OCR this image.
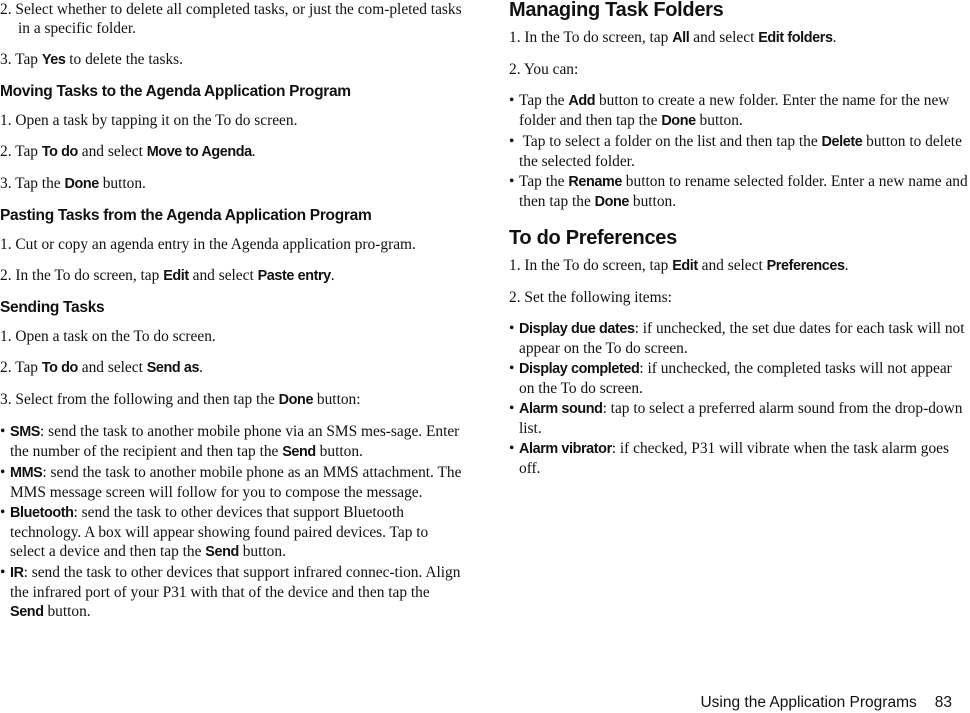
2. Select whether to delete all completed tasks, or just the com-pleted tasks in a specific folder.

3. Tap Yes to delete the tasks.

Moving Tasks to the Agenda Application Program

1. Open a task by tapping it on the To do screen.

2. Tap To do and select Move to Agenda.

3. Tap the Done button.

Pasting Tasks from the Agenda Application Program

1. Cut or copy an agenda entry in the Agenda application pro-gram.

2. In the To do screen, tap Edit and select Paste entry.

Sending Tasks

1. Open a task on the To do screen.

2. Tap To do and select Send as.

3. Select from the following and then tap the Done button:

• SMS: send the task to another mobile phone via an SMS mes-sage. Enter the number of the recipient and then tap the Send button.

• MMS: send the task to another mobile phone as an MMS attachment. The MMS message screen will follow for you to compose the message.

• Bluetooth: send the task to other devices that support Bluetooth technology. A box will appear showing found paired devices. Tap to select a device and then tap the Send button.

• IR: send the task to other devices that support infrared connec-tion. Align the infrared port of your P31 with that of the device and then tap the Send button.

Managing Task Folders

1. In the To do screen, tap All and select Edit folders.

2. You can:

• Tap the Add button to create a new folder. Enter the name for the new folder and then tap the Done button.

• Tap to select a folder on the list and then tap the Delete button to delete the selected folder.

• Tap the Rename button to rename selected folder. Enter a new name and then tap the Done button.

To do Preferences

1. In the To do screen, tap Edit and select Preferences.

2. Set the following items:

• Display due dates: if unchecked, the set due dates for each task will not appear on the To do screen.

• Display completed: if unchecked, the completed tasks will not appear on the To do screen.

• Alarm sound: tap to select a preferred alarm sound from the drop-down list.

• Alarm vibrator: if checked, P31 will vibrate when the task alarm goes off.

Using the Application Programs 83
